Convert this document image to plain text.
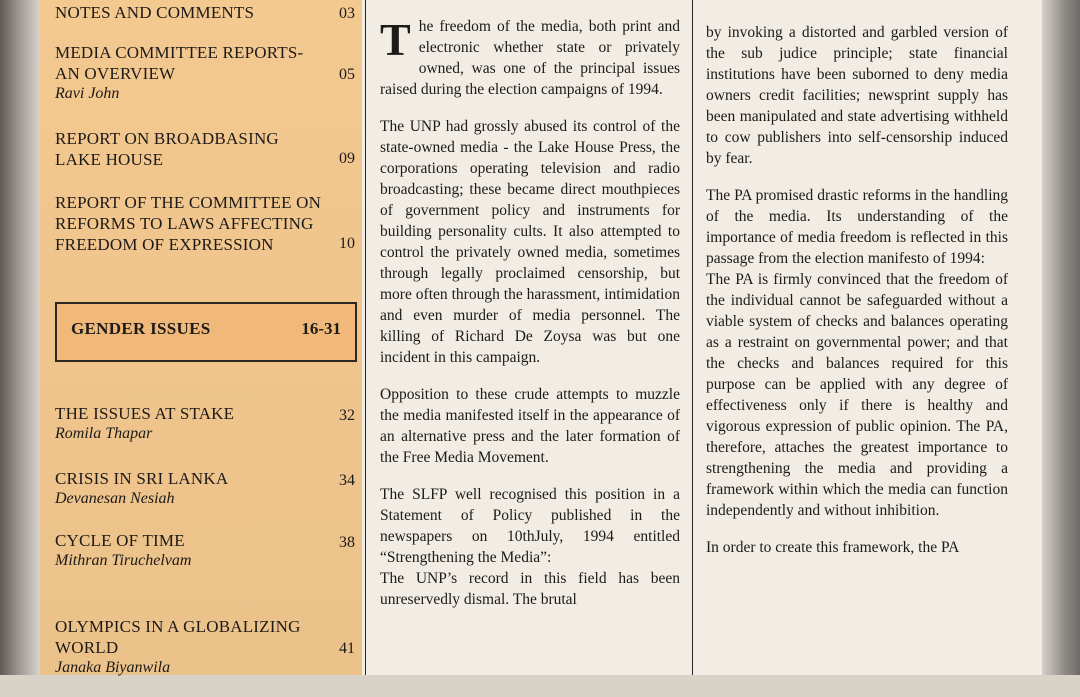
NOTES AND COMMENTS	03
MEDIA COMMITTEE REPORTS- AN OVERVIEW	05
Ravi John
REPORT ON BROADBASING LAKE HOUSE	09
REPORT OF THE COMMITTEE ON REFORMS TO LAWS AFFECTING FREEDOM OF EXPRESSION	10
GENDER ISSUES	16-31
THE ISSUES AT STAKE	32
Romila Thapar
CRISIS IN SRI LANKA	34
Devanesan Nesiah
CYCLE OF TIME	38
Mithran Tiruchelvam
OLYMPICS IN A GLOBALIZING WORLD	41
Janaka Biyanwila

T he freedom of the media, both print and electronic whether state or privately owned, was one of the principal issues raised during the election campaigns of 1994.

The UNP had grossly abused its control of the state-owned media - the Lake House Press, the corporations operating television and radio broadcasting; these became direct mouthpieces of government policy and instruments for building personality cults. It also attempted to control the privately owned media, sometimes through legally proclaimed censorship, but more often through the harassment, intimidation and even murder of media personnel. The killing of Richard De Zoysa was but one incident in this campaign.

Opposition to these crude attempts to muzzle the media manifested itself in the appearance of an alternative press and the later formation of the Free Media Movement.

The SLFP well recognised this position in a Statement of Policy published in the newspapers on 10thJuly, 1994 entitled “Strengthening the Media”:

The UNP’s record in this field has been unreservedly dismal. The brutal

by invoking a distorted and garbled version of the sub judice principle; state financial institutions have been suborned to deny media owners credit facilities; newsprint supply has been manipulated and state advertising withheld to cow publishers into self-censorship induced by fear.

The PA promised drastic reforms in the handling of the media. Its understanding of the importance of media freedom is reflected in this passage from the election manifesto of 1994:

The PA is firmly convinced that the freedom of the individual cannot be safeguarded without a viable system of checks and balances operating as a restraint on governmental power; and that the checks and balances required for this purpose can be applied with any degree of effectiveness only if there is healthy and vigorous expression of public opinion. The PA, therefore, attaches the greatest importance to strengthening the media and providing a framework within which the media can function independently and without inhibition.

In order to create this framework, the PA
